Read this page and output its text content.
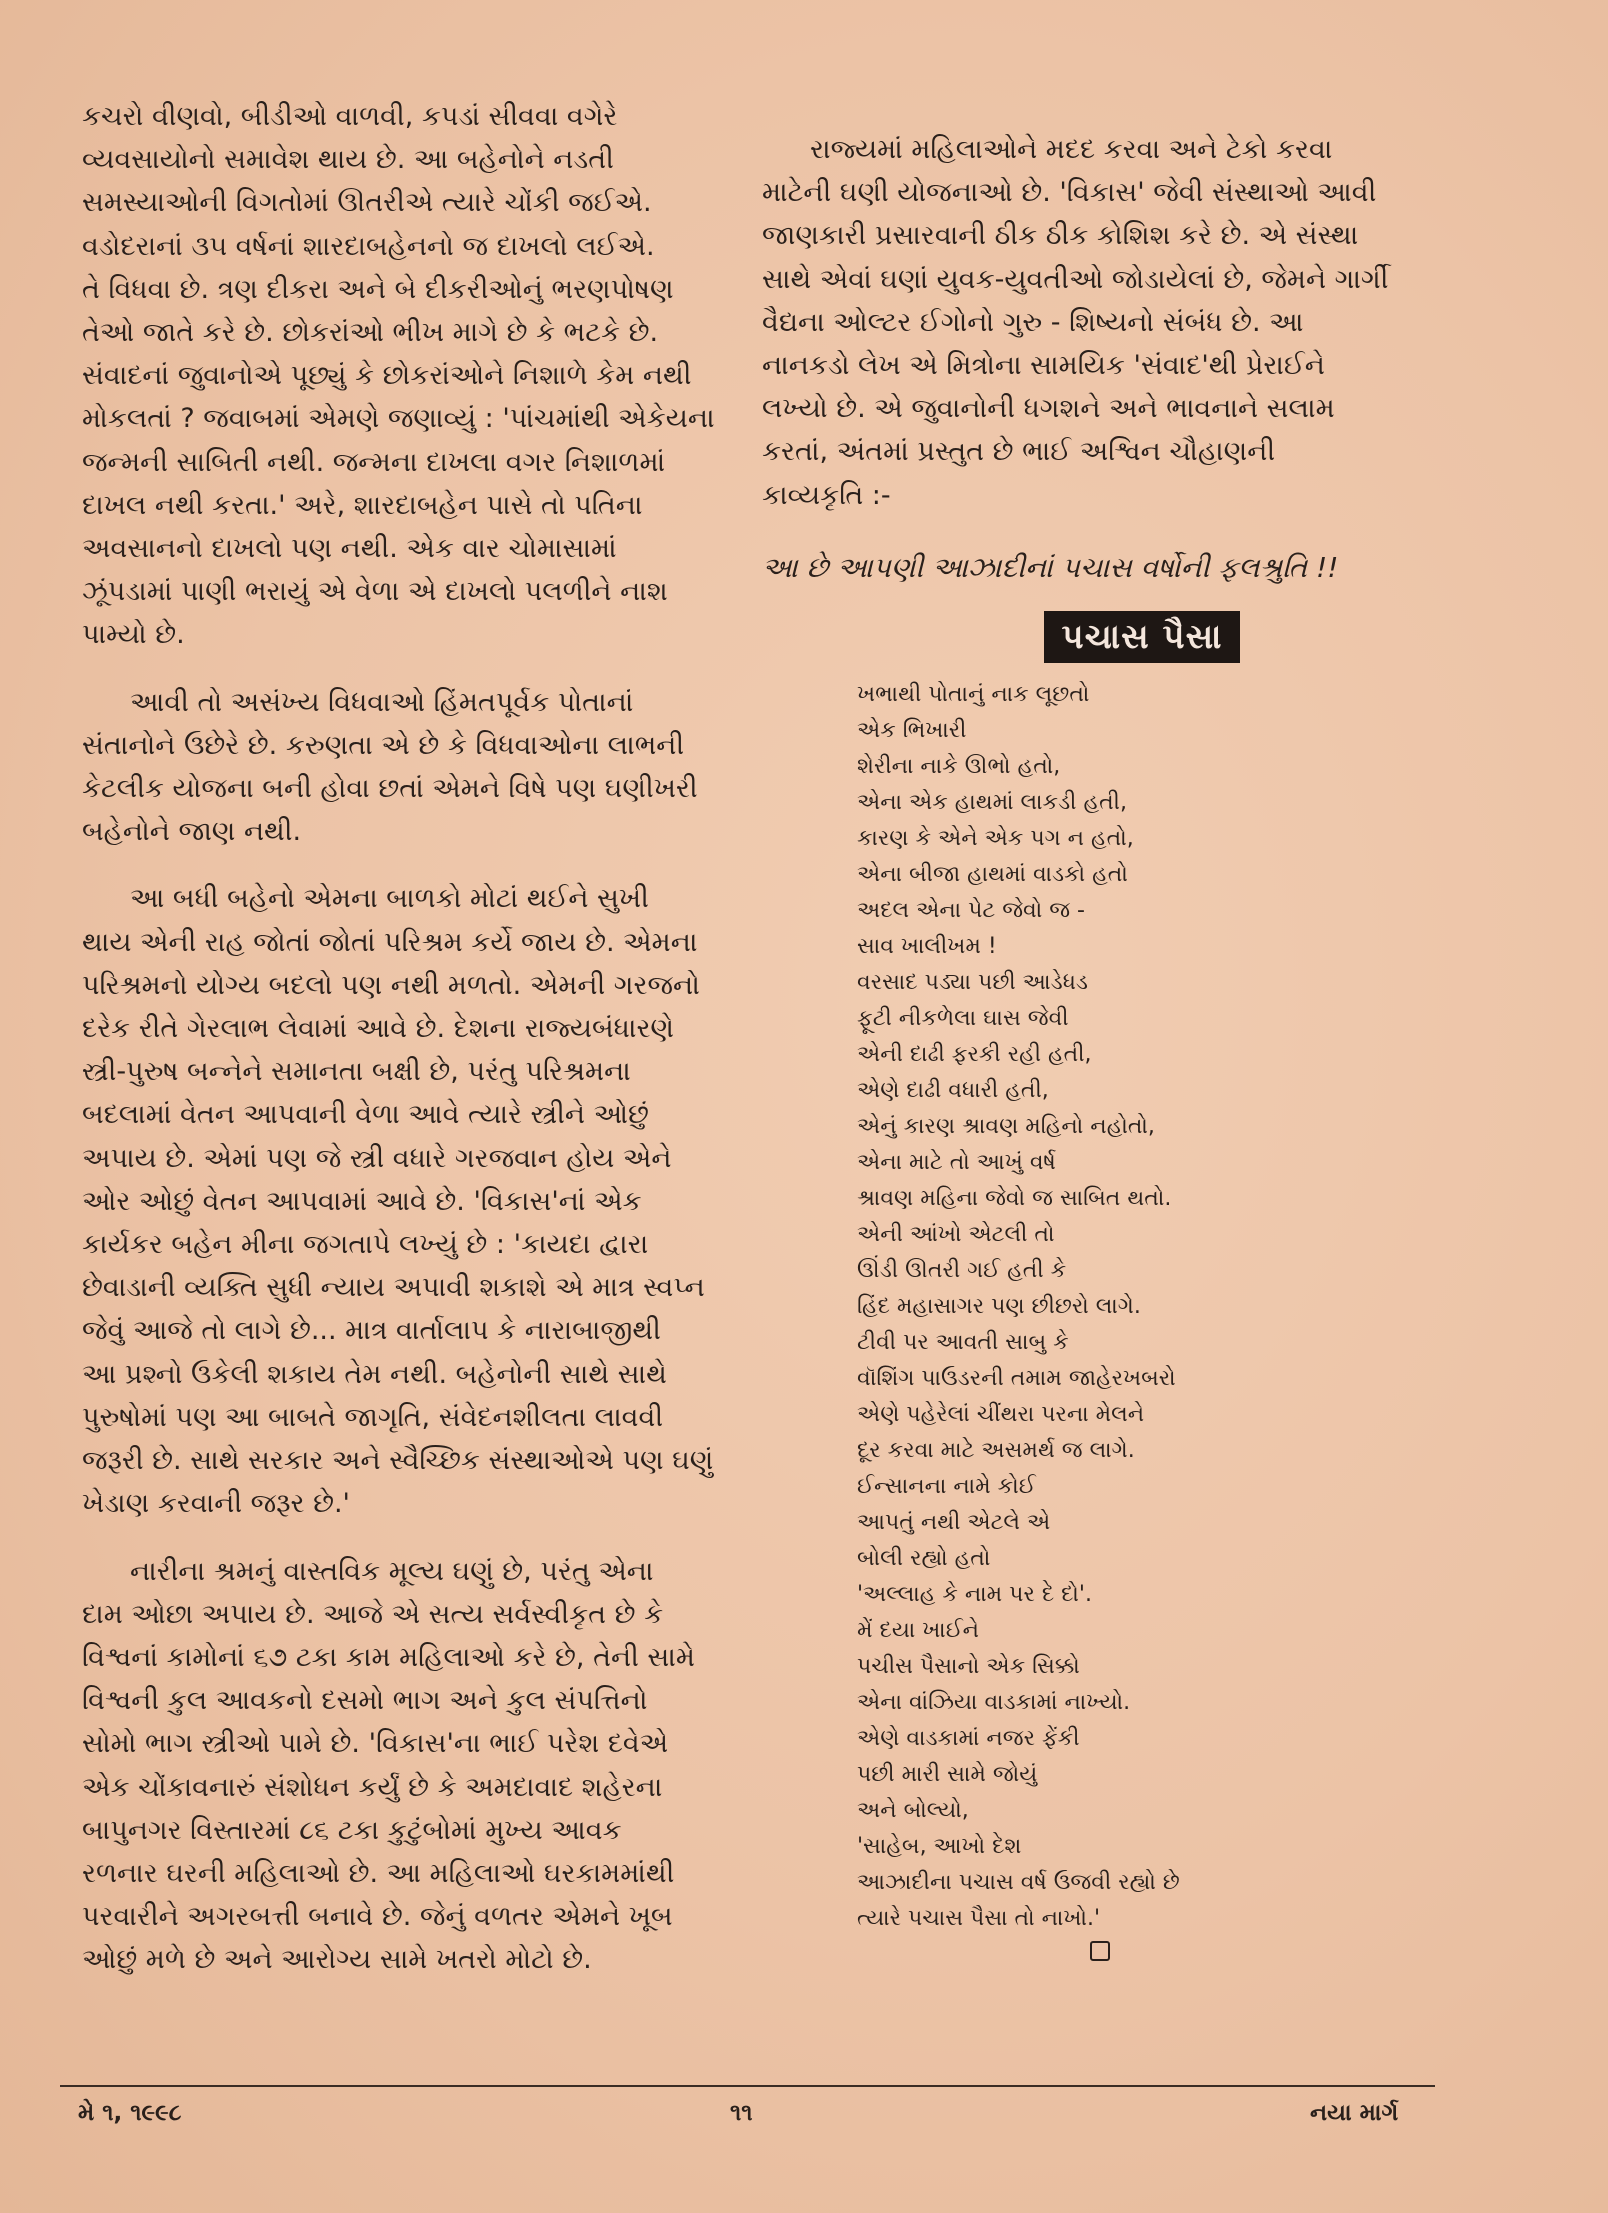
કચરો વીણવો, બીડીઓ વાળવી, કપડાં સીવવા વગેરે
વ્યવસાયોનો સમાવેશ થાય છે. આ બહેનોને નડતી
સમસ્યાઓની વિગતોમાં ઊતરીએ ત્યારે ચોંકી જઈએ.
વડોદરાનાં ૩૫ વર્ષનાં શારદાબહેનનો જ દાખલો લઈએ.
તે વિધવા છે. ત્રણ દીકરા અને બે દીકરીઓનું ભરણપોષણ
તેઓ જાતે કરે છે. છોકરાંઓ ભીખ માગે છે કે ભટકે છે.
સંવાદનાં જુવાનોએ પૂછ્યું કે છોકરાંઓને નિશાળે કેમ નથી
મોકલતાં ? જવાબમાં એમણે જણાવ્યું : 'પાંચમાંથી એકેયના
જન્મની સાબિતી નથી. જન્મના દાખલા વગર નિશાળમાં
દાખલ નથી કરતા.' અરે, શારદાબહેન પાસે તો પતિના
અવસાનનો દાખલો પણ નથી. એક વાર ચોમાસામાં
ઝૂંપડામાં પાણી ભરાયું એ વેળા એ દાખલો પલળીને નાશ
પામ્યો છે.

આવી તો અસંખ્ય વિધવાઓ હિંમતપૂર્વક પોતાનાં
સંતાનોને ઉછેરે છે. કરુણતા એ છે કે વિધવાઓના લાભની
કેટલીક યોજના બની હોવા છતાં એમને વિષે પણ ઘણીખરી
બહેનોને જાણ નથી.

આ બધી બહેનો એમના બાળકો મોટાં થઈને સુખી
થાય એની રાહ જોતાં જોતાં પરિશ્રમ કર્યે જાય છે. એમના
પરિશ્રમનો યોગ્ય બદલો પણ નથી મળતો. એમની ગરજનો
દરેક રીતે ગેરલાભ લેવામાં આવે છે. દેશના રાજ્યબંધારણે
સ્ત્રી-પુરુષ બન્નેને સમાનતા બક્ષી છે, પરંતુ પરિશ્રમના
બદલામાં વેતન આપવાની વેળા આવે ત્યારે સ્ત્રીને ઓછું
અપાય છે. એમાં પણ જે સ્ત્રી વધારે ગરજવાન હોય એને
ઓર ઓછું વેતન આપવામાં આવે છે. 'વિકાસ'નાં એક
કાર્યકર બહેન મીના જગતાપે લખ્યું છે : 'કાયદા દ્વારા
છેવાડાની વ્યક્તિ સુધી ન્યાય અપાવી શકાશે એ માત્ર સ્વપ્ન
જેવું આજે તો લાગે છે... માત્ર વાર્તાલાપ કે નારાબાજીથી
આ પ્રશ્નો ઉકેલી શકાય તેમ નથી. બહેનોની સાથે સાથે
પુરુષોમાં પણ આ બાબતે જાગૃતિ, સંવેદનશીલતા લાવવી
જરૂરી છે. સાથે સરકાર અને સ્વૈચ્છિક સંસ્થાઓએ પણ ઘણું
ખેડાણ કરવાની જરૂર છે.'

નારીના શ્રમનું વાસ્તવિક મૂલ્ય ઘણું છે, પરંતુ એના
દામ ઓછા અપાય છે. આજે એ સત્ય સર્વસ્વીકૃત છે કે
વિશ્વનાં કામોનાં ૬૭ ટકા કામ મહિલાઓ કરે છે, તેની સામે
વિશ્વની કુલ આવકનો દસમો ભાગ અને કુલ સંપત્તિનો
સોમો ભાગ સ્ત્રીઓ પામે છે. 'વિકાસ'ના ભાઈ પરેશ દવેએ
એક ચોંકાવનારું સંશોધન કર્યું છે કે અમદાવાદ શહેરના
બાપુનગર વિસ્તારમાં ૮૬ ટકા કુટુંબોમાં મુખ્ય આવક
રળનાર ઘરની મહિલાઓ છે. આ મહિલાઓ ઘરકામમાંથી
પરવારીને અગરબત્તી બનાવે છે. જેનું વળતર એમને ખૂબ
ઓછું મળે છે અને આરોગ્ય સામે ખતરો મોટો છે.

રાજ્યમાં મહિલાઓને મદદ કરવા અને ટેકો કરવા
માટેની ઘણી યોજનાઓ છે. 'વિકાસ' જેવી સંસ્થાઓ આવી
જાણકારી પ્રસારવાની ઠીક ઠીક કોશિશ કરે છે. એ સંસ્થા
સાથે એવાં ઘણાં યુવક-યુવતીઓ જોડાયેલાં છે, જેમને ગાર્ગી
વૈદ્યના ઓલ્ટર ઈગોનો ગુરુ - શિષ્યનો સંબંધ છે. આ
નાનકડો લેખ એ મિત્રોના સામયિક 'સંવાદ'થી પ્રેરાઈને
લખ્યો છે. એ જુવાનોની ધગશને અને ભાવનાને સલામ
કરતાં, અંતમાં પ્રસ્તુત છે ભાઈ અશ્વિન ચૌહાણની
કાવ્યકૃતિ :-

આ છે આપણી આઝાદીનાં પચાસ વર્ષોની ફલશ્રુતિ !!
પચાસ પૈસા
ખભાથી પોતાનું નાક લૂછતો
એક ભિખારી
શેરીના નાકે ઊભો હતો,
એના એક હાથમાં લાકડી હતી,
કારણ કે એને એક પગ ન હતો,
એના બીજા હાથમાં વાડકો હતો
અદલ એના પેટ જેવો જ -
સાવ ખાલીખમ !
વરસાદ પડ્યા પછી આડેધડ
ફૂટી નીકળેલા ઘાસ જેવી
એની દાઢી ફરકી રહી હતી,
એણે દાઢી વધારી હતી,
એનું કારણ શ્રાવણ મહિનો નહોતો,
એના માટે તો આખું વર્ષ
શ્રાવણ મહિના જેવો જ સાબિત થતો.
એની આંખો એટલી તો
ઊંડી ઊતરી ગઈ હતી કે
હિંદ મહાસાગર પણ છીછરો લાગે.
ટીવી પર આવતી સાબુ કે
વૉશિંગ પાઉડરની તમામ જાહેરખબરો
એણે પહેરેલાં ચીંથરા પરના મેલને
દૂર કરવા માટે અસમર્થ જ લાગે.
ઈન્સાનના નામે કોઈ
આપતું નથી એટલે એ
બોલી રહ્યો હતો
'અલ્લાહ કે નામ પર દે દો'.
મેં દયા ખાઈને
પચીસ પૈસાનો એક સિક્કો
એના વાંઝિયા વાડકામાં નાખ્યો.
એણે વાડકામાં નજર ફેંકી
પછી મારી સામે જોયું
અને બોલ્યો,
'સાહેબ, આખો દેશ
આઝાદીના પચાસ વર્ષ ઉજવી રહ્યો છે
ત્યારે પચાસ પૈસા તો નાખો.'
મે ૧, ૧૯૯૮	૧૧	નયા માર્ગ
